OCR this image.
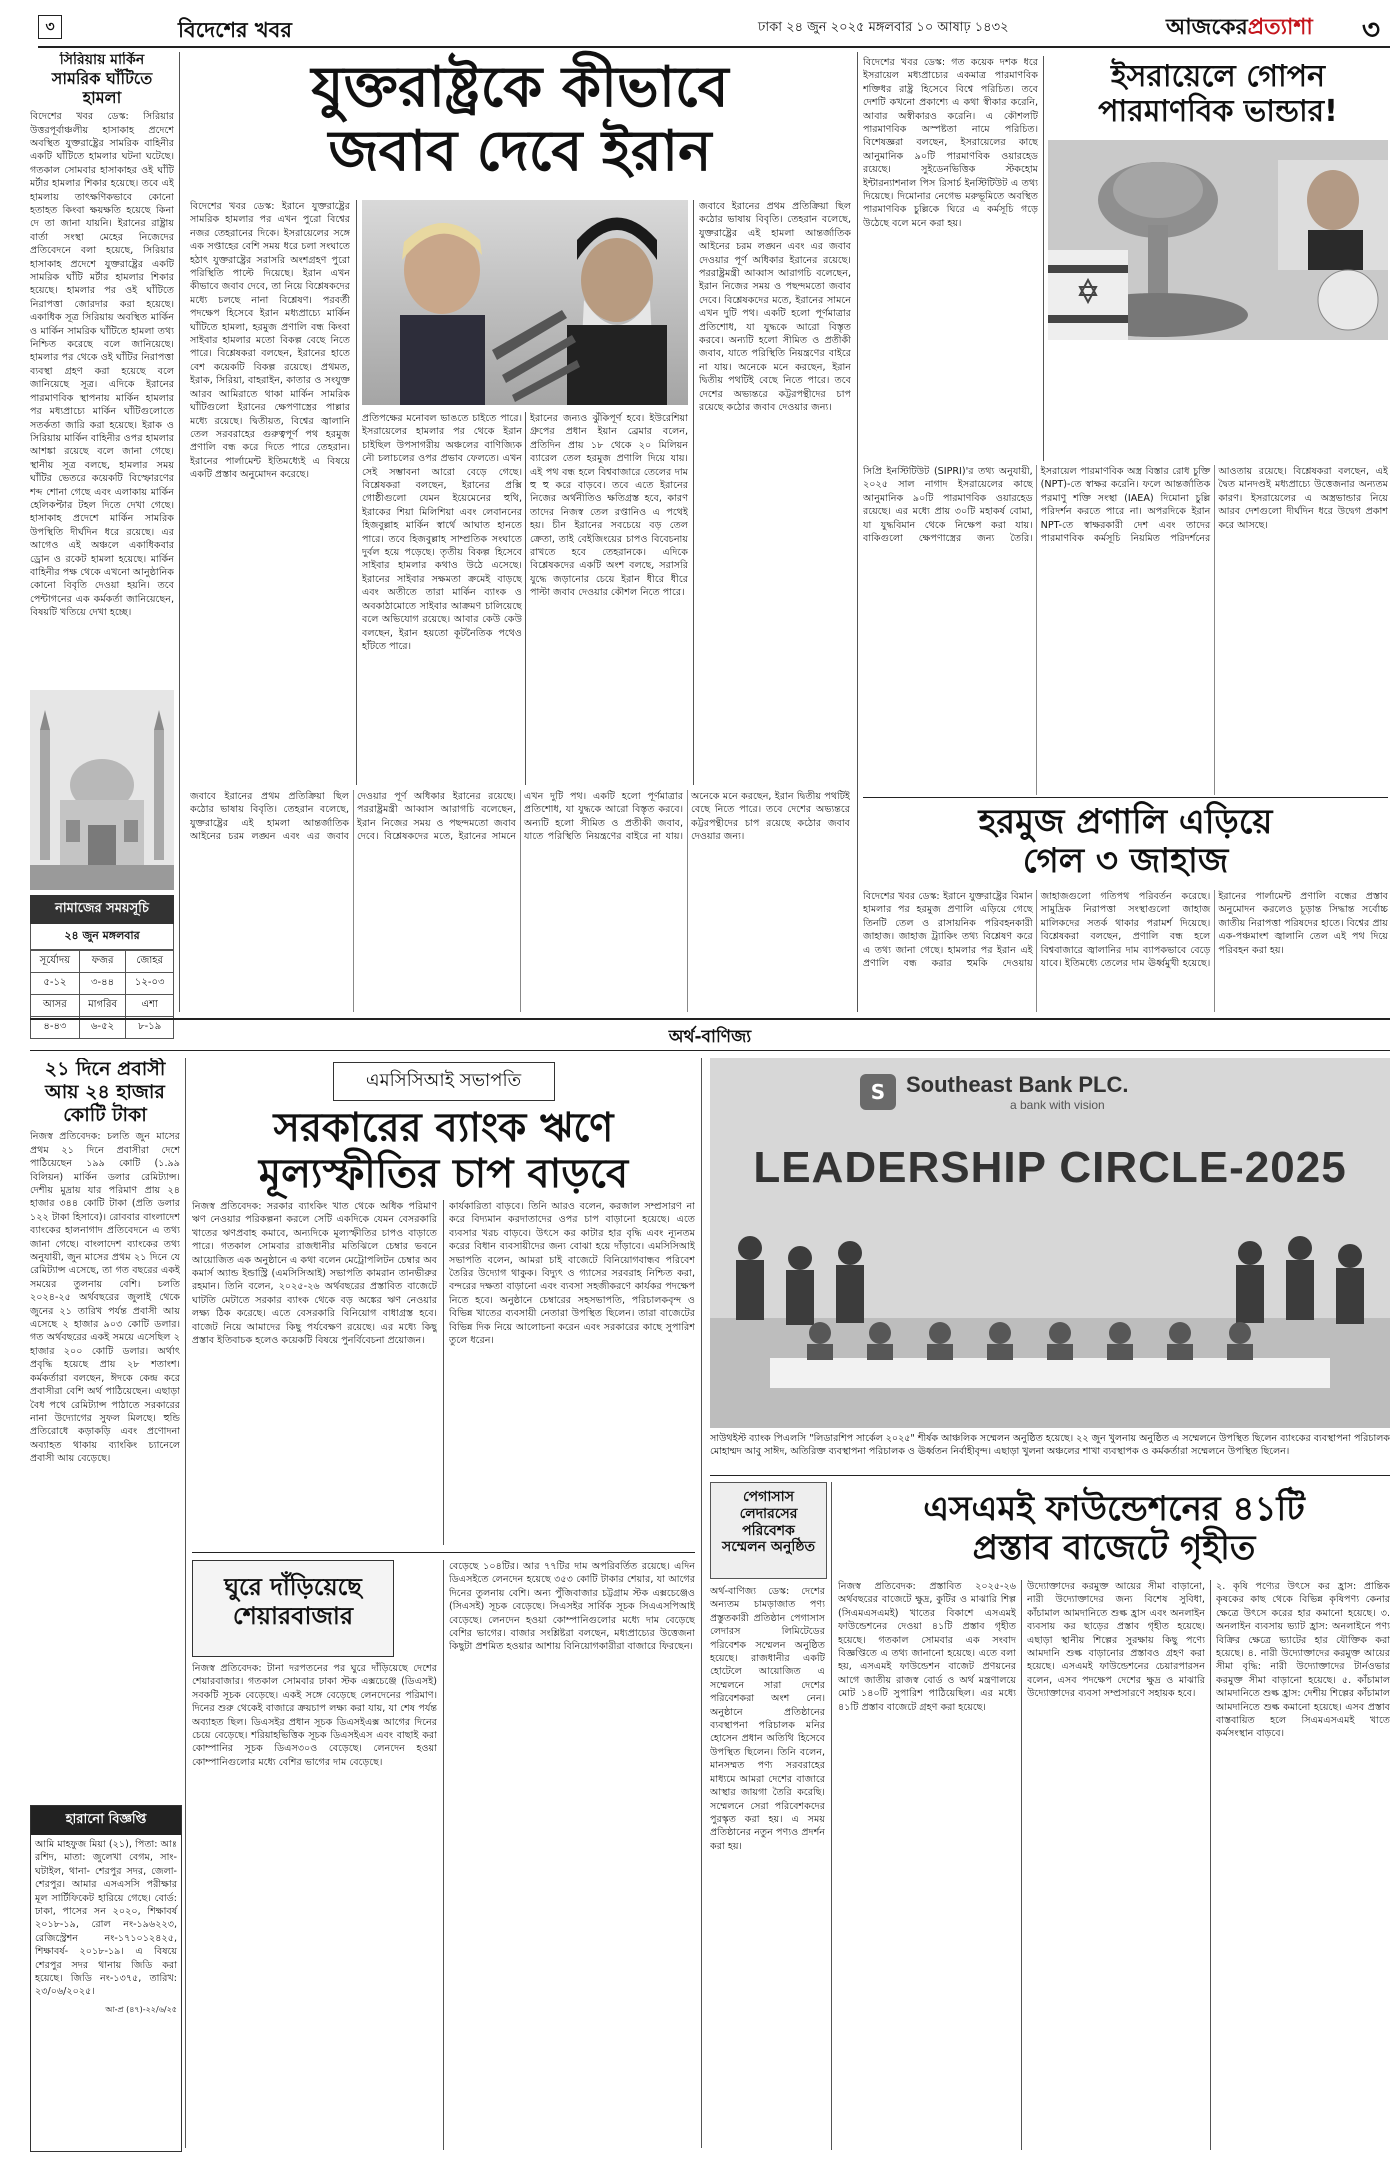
৩	বিদেশের খবর	ঢাকা ২৪ জুন ২০২৫ মঙ্গলবার ১০ আষাঢ় ১৪৩২	আজকেরপ্রত্যাশা ৩
সিরিয়ায় মার্কিন
সামরিক ঘাঁটিতে হামলা
বিদেশের খবর ডেস্ক: সিরিয়ার উত্তরপূর্বাঞ্চলীয় হাসাকাহ প্রদেশে অবস্থিত যুক্তরাষ্ট্রের সামরিক বাহিনীর একটি ঘাঁটিতে হামলার ঘটনা ঘটেছে। গতকাল সোমবার হাসাকাহর ওই ঘাঁটি মর্টার হামলার শিকার হয়েছে। তবে এই হামলায় তাৎক্ষণিকভাবে কোনো হতাহত কিংবা ক্ষয়ক্ষতি হয়েছে কিনা দে তা জানা যায়নি। ইরানের রাষ্ট্রায় বার্তা সংস্থা মেহের নিজেদের প্রতিবেদনে বলা হয়েছে, সিরিয়ার হাসাকাহ প্রদেশে যুক্তরাষ্ট্রের একটি সামরিক ঘাঁটি মর্টার হামলার শিকার হয়েছে। হামলার পর ওই ঘাঁটিতে নিরাপত্তা জোরদার করা হয়েছে। একাধিক সূত্র সিরিয়ায় অবস্থিত মার্কিন ও মার্কিন সামরিক ঘাঁটিতে হামলা তথ্য নিশ্চিত করেছে বলে জানিয়েছে। হামলার পর থেকে ওই ঘাঁটির নিরাপত্তা ব্যবস্থা গ্রহণ করা হয়েছে বলে জানিয়েছে সূত্র। এদিকে ইরানের পারমাণবিক স্থাপনায় মার্কিন হামলার পর মধ্যপ্রাচ্যে মার্কিন ঘাঁটিগুলোতে সতর্কতা জারি করা হয়েছে। ইরাক ও সিরিয়ায় মার্কিন বাহিনীর ওপর হামলার আশঙ্কা রয়েছে বলে জানা গেছে। স্থানীয় সূত্র বলছে, হামলার সময় ঘাঁটির ভেতরে কয়েকটি বিস্ফোরণের শব্দ শোনা গেছে এবং এলাকায় মার্কিন হেলিকপ্টার টহল দিতে দেখা গেছে। হাসাকাহ প্রদেশে মার্কিন সামরিক উপস্থিতি দীর্ঘদিন ধরে রয়েছে। এর আগেও এই অঞ্চলে একাধিকবার ড্রোন ও রকেট হামলা হয়েছে। মার্কিন বাহিনীর পক্ষ থেকে এখনো আনুষ্ঠানিক কোনো বিবৃতি দেওয়া হয়নি। তবে পেন্টাগনের এক কর্মকর্তা জানিয়েছেন, বিষয়টি খতিয়ে দেখা হচ্ছে।
নামাজের সময়সূচি
২৪ জুন মঙ্গলবার
সূর্যোদয়	ফজর	জোহর
৫-১২	৩-৪৪	১২-০৩
আসর	মাগরিব	এশা
৪-৪৩	৬-৫২	৮-১৯
যুক্তরাষ্ট্রকে কীভাবে
জবাব দেবে ইরান
বিদেশের খবর ডেস্ক: ইরানে যুক্তরাষ্ট্রের সামরিক হামলার পর এখন পুরো বিশ্বের নজর তেহরানের দিকে। ইসরায়েলের সঙ্গে এক সপ্তাহের বেশি সময় ধরে চলা সংঘাতে হঠাৎ যুক্তরাষ্ট্রের সরাসরি অংশগ্রহণ পুরো পরিস্থিতি পাল্টে দিয়েছে। ইরান এখন কীভাবে জবাব দেবে, তা নিয়ে বিশ্লেষকদের মধ্যে চলছে নানা বিশ্লেষণ। পরবর্তী পদক্ষেপ হিসেবে ইরান মধ্যপ্রাচ্যে মার্কিন ঘাঁটিতে হামলা, হরমুজ প্রণালি বন্ধ কিংবা সাইবার হামলার মতো বিকল্প বেছে নিতে পারে। বিশ্লেষকরা বলছেন, ইরানের হাতে বেশ কয়েকটি বিকল্প রয়েছে। প্রথমত, ইরাক, সিরিয়া, বাহরাইন, কাতার ও সংযুক্ত আরব আমিরাতে থাকা মার্কিন সামরিক ঘাঁটিগুলো ইরানের ক্ষেপণাস্ত্রের পাল্লার মধ্যে রয়েছে। দ্বিতীয়ত, বিশ্বের জ্বালানি তেল সরবরাহের গুরুত্বপূর্ণ পথ হরমুজ প্রণালি বন্ধ করে দিতে পারে তেহরান। ইরানের পার্লামেন্ট ইতিমধ্যেই এ বিষয়ে একটি প্রস্তাব অনুমোদন করেছে।
প্রতিপক্ষের মনোবল ভাঙতে চাইতে পারে। ইসরায়েলের হামলার পর থেকে ইরান চাইছিল উপসাগরীয় অঞ্চলের বাণিজ্যিক নৌ চলাচলের ওপর প্রভাব ফেলতে। এখন সেই সম্ভাবনা আরো বেড়ে গেছে। বিশ্লেষকরা বলছেন, ইরানের প্রক্সি গোষ্ঠীগুলো যেমন ইয়েমেনের হুথি, ইরাকের শিয়া মিলিশিয়া এবং লেবাননের হিজবুল্লাহ মার্কিন স্বার্থে আঘাত হানতে পারে। তবে হিজবুল্লাহ সাম্প্রতিক সংঘাতে দুর্বল হয়ে পড়েছে। তৃতীয় বিকল্প হিসেবে সাইবার হামলার কথাও উঠে এসেছে। ইরানের সাইবার সক্ষমতা ক্রমেই বাড়ছে এবং অতীতে তারা মার্কিন ব্যাংক ও অবকাঠামোতে সাইবার আক্রমণ চালিয়েছে বলে অভিযোগ রয়েছে। আবার কেউ কেউ বলছেন, ইরান হয়তো কূটনৈতিক পথেও হাঁটতে পারে।
ইরানের জন্যও ঝুঁকিপূর্ণ হবে। ইউরেশিয়া গ্রুপের প্রধান ইয়ান ব্রেমার বলেন, প্রতিদিন প্রায় ১৮ থেকে ২০ মিলিয়ন ব্যারেল তেল হরমুজ প্রণালি দিয়ে যায়। এই পথ বন্ধ হলে বিশ্ববাজারে তেলের দাম হু হু করে বাড়বে। তবে এতে ইরানের নিজের অর্থনীতিও ক্ষতিগ্রস্ত হবে, কারণ তাদের নিজস্ব তেল রপ্তানিও এ পথেই হয়। চীন ইরানের সবচেয়ে বড় তেল ক্রেতা, তাই বেইজিংয়ের চাপও বিবেচনায় রাখতে হবে তেহরানকে। এদিকে বিশ্লেষকদের একটি অংশ বলছে, সরাসরি যুদ্ধে জড়ানোর চেয়ে ইরান ধীরে ধীরে পাল্টা জবাব দেওয়ার কৌশল নিতে পারে।
জবাবে ইরানের প্রথম প্রতিক্রিয়া ছিল কঠোর ভাষায় বিবৃতি। তেহরান বলেছে, যুক্তরাষ্ট্রের এই হামলা আন্তর্জাতিক আইনের চরম লঙ্ঘন এবং এর জবাব দেওয়ার পূর্ণ অধিকার ইরানের রয়েছে। পররাষ্ট্রমন্ত্রী আব্বাস আরাগচি বলেছেন, ইরান নিজের সময় ও পছন্দমতো জবাব দেবে। বিশ্লেষকদের মতে, ইরানের সামনে এখন দুটি পথ। একটি হলো পূর্ণমাত্রার প্রতিশোধ, যা যুদ্ধকে আরো বিস্তৃত করবে। অন্যটি হলো সীমিত ও প্রতীকী জবাব, যাতে পরিস্থিতি নিয়ন্ত্রণের বাইরে না যায়। অনেকে মনে করছেন, ইরান দ্বিতীয় পথটিই বেছে নিতে পারে। তবে দেশের অভ্যন্তরে কট্টরপন্থীদের চাপ রয়েছে কঠোর জবাব দেওয়ার জন্য।
বিদেশের খবর ডেস্ক: গত কয়েক দশক ধরে ইসরায়েল মধ্যপ্রাচ্যের একমাত্র পারমাণবিক শক্তিধর রাষ্ট্র হিসেবে বিশ্বে পরিচিত। তবে দেশটি কখনো প্রকাশ্যে এ কথা স্বীকার করেনি, আবার অস্বীকারও করেনি। এ কৌশলটি পারমাণবিক অস্পষ্টতা নামে পরিচিত। বিশেষজ্ঞরা বলছেন, ইসরায়েলের কাছে আনুমানিক ৯০টি পারমাণবিক ওয়ারহেড রয়েছে। সুইডেনভিত্তিক স্টকহোম ইন্টারন্যাশনাল পিস রিসার্চ ইনস্টিটিউট এ তথ্য দিয়েছে। দিমোনার নেগেভ মরুভূমিতে অবস্থিত পারমাণবিক চুল্লিকে ঘিরে এ কর্মসূচি গড়ে উঠেছে বলে মনে করা হয়।
ইসরায়েলে গোপন
পারমাণবিক ভান্ডার!
সিপ্রি ইনস্টিটিউট (SIPRI)'র তথ্য অনুযায়ী, ২০২৫ সাল নাগাদ ইসরায়েলের কাছে আনুমানিক ৯০টি পারমাণবিক ওয়ারহেড রয়েছে। এর মধ্যে প্রায় ৩০টি মহাকর্ষ বোমা, যা যুদ্ধবিমান থেকে নিক্ষেপ করা যায়। বাকিগুলো ক্ষেপণাস্ত্রের জন্য তৈরি। ইসরায়েল পারমাণবিক অস্ত্র বিস্তার রোধ চুক্তি (NPT)-তে স্বাক্ষর করেনি। ফলে আন্তর্জাতিক পরমাণু শক্তি সংস্থা (IAEA) দিমোনা চুল্লি পরিদর্শন করতে পারে না। অপরদিকে ইরান NPT-তে স্বাক্ষরকারী দেশ এবং তাদের পারমাণবিক কর্মসূচি নিয়মিত পরিদর্শনের আওতায় রয়েছে। বিশ্লেষকরা বলছেন, এই দ্বৈত মানদণ্ডই মধ্যপ্রাচ্যে উত্তেজনার অন্যতম কারণ। ইসরায়েলের এ অস্ত্রভান্ডার নিয়ে আরব দেশগুলো দীর্ঘদিন ধরে উদ্বেগ প্রকাশ করে আসছে।
হরমুজ প্রণালি এড়িয়ে
গেল ৩ জাহাজ
বিদেশের খবর ডেস্ক: ইরানে যুক্তরাষ্ট্রের বিমান হামলার পর হরমুজ প্রণালি এড়িয়ে গেছে তিনটি তেল ও রাসায়নিক পরিবহনকারী জাহাজ। জাহাজ ট্র্যাকিং তথ্য বিশ্লেষণ করে এ তথ্য জানা গেছে। হামলার পর ইরান এই প্রণালি বন্ধ করার হুমকি দেওয়ায় জাহাজগুলো গতিপথ পরিবর্তন করেছে। সামুদ্রিক নিরাপত্তা সংস্থাগুলো জাহাজ মালিকদের সতর্ক থাকার পরামর্শ দিয়েছে। বিশ্লেষকরা বলছেন, প্রণালি বন্ধ হলে বিশ্ববাজারে জ্বালানির দাম ব্যাপকভাবে বেড়ে যাবে। ইতিমধ্যে তেলের দাম ঊর্ধ্বমুখী হয়েছে। ইরানের পার্লামেন্ট প্রণালি বন্ধের প্রস্তাব অনুমোদন করলেও চূড়ান্ত সিদ্ধান্ত সর্বোচ্চ জাতীয় নিরাপত্তা পরিষদের হাতে। বিশ্বের প্রায় এক-পঞ্চমাংশ জ্বালানি তেল এই পথ দিয়ে পরিবহন করা হয়।
জবাবে ইরানের প্রথম প্রতিক্রিয়া ছিল কঠোর ভাষায় বিবৃতি। তেহরান বলেছে, যুক্তরাষ্ট্রের এই হামলা আন্তর্জাতিক আইনের চরম লঙ্ঘন এবং এর জবাব দেওয়ার পূর্ণ অধিকার ইরানের রয়েছে। পররাষ্ট্রমন্ত্রী আব্বাস আরাগচি বলেছেন, ইরান নিজের সময় ও পছন্দমতো জবাব দেবে। বিশ্লেষকদের মতে, ইরানের সামনে এখন দুটি পথ। একটি হলো পূর্ণমাত্রার প্রতিশোধ, যা যুদ্ধকে আরো বিস্তৃত করবে। অন্যটি হলো সীমিত ও প্রতীকী জবাব, যাতে পরিস্থিতি নিয়ন্ত্রণের বাইরে না যায়। অনেকে মনে করছেন, ইরান দ্বিতীয় পথটিই বেছে নিতে পারে। তবে দেশের অভ্যন্তরে কট্টরপন্থীদের চাপ রয়েছে কঠোর জবাব দেওয়ার জন্য।
অর্থ-বাণিজ্য
২১ দিনে প্রবাসী
আয় ২৪ হাজার
কোটি টাকা
নিজস্ব প্রতিবেদক: চলতি জুন মাসের প্রথম ২১ দিনে প্রবাসীরা দেশে পাঠিয়েছেন ১৯৯ কোটি (১.৯৯ বিলিয়ন) মার্কিন ডলার রেমিট্যান্স। দেশীয় মুদ্রায় যার পরিমাণ প্রায় ২৪ হাজার ৩৪৪ কোটি টাকা (প্রতি ডলার ১২২ টাকা হিসাবে)। রোববার বাংলাদেশ ব্যাংকের হালনাগাদ প্রতিবেদনে এ তথ্য জানা গেছে। বাংলাদেশ ব্যাংকের তথ্য অনুযায়ী, জুন মাসের প্রথম ২১ দিনে যে রেমিট্যান্স এসেছে, তা গত বছরের একই সময়ের তুলনায় বেশি। চলতি ২০২৪-২৫ অর্থবছরের জুলাই থেকে জুনের ২১ তারিখ পর্যন্ত প্রবাসী আয় এসেছে ২ হাজার ৯০৩ কোটি ডলার। গত অর্থবছরের একই সময়ে এসেছিল ২ হাজার ২০০ কোটি ডলার। অর্থাৎ প্রবৃদ্ধি হয়েছে প্রায় ২৮ শতাংশ। কর্মকর্তারা বলছেন, ঈদকে কেন্দ্র করে প্রবাসীরা বেশি অর্থ পাঠিয়েছেন। এছাড়া বৈধ পথে রেমিট্যান্স পাঠাতে সরকারের নানা উদ্যোগের সুফল মিলছে। হুন্ডি প্রতিরোধে কড়াকড়ি এবং প্রণোদনা অব্যাহত থাকায় ব্যাংকিং চ্যানেলে প্রবাসী আয় বেড়েছে।
হারানো বিজ্ঞপ্তি
আমি মাহফুজ মিয়া (২১), পিতা: আঃ রশিদ, মাতা: জুলেখা বেগম, সাং- ঘটাইল, থানা- শেরপুর সদর, জেলা- শেরপুর। আমার এসএসসি পরীক্ষার মূল সার্টিফিকেট হারিয়ে গেছে। বোর্ড: ঢাকা, পাসের সন ২০২০, শিক্ষাবর্ষ ২০১৮-১৯, রোল নং-১৯৬২২৩, রেজিস্ট্রেশন নং-১৭১০১২৪২৫, শিক্ষাবর্ষ- ২০১৮-১৯। এ বিষয়ে শেরপুর সদর থানায় জিডি করা হয়েছে। জিডি নং-১৩৭৫, তারিখ: ২৩/০৬/২০২৫।
আ-প্র (৪৭)-২২/৬/২৫
এমসিসিআই সভাপতি
সরকারের ব্যাংক ঋণে
মূল্যস্ফীতির চাপ বাড়বে
নিজস্ব প্রতিবেদক: সরকার ব্যাংকিং খাত থেকে অধিক পরিমাণ ঋণ নেওয়ার পরিকল্পনা করলে সেটি একদিকে যেমন বেসরকারি খাতের ঋণপ্রবাহ কমাবে, অন্যদিকে মূল্যস্ফীতির চাপও বাড়াতে পারে। গতকাল সোমবার রাজধানীর মতিঝিলে চেম্বার ভবনে আয়োজিত এক অনুষ্ঠানে এ কথা বলেন মেট্রোপলিটন চেম্বার অব কমার্স অ্যান্ড ইন্ডাস্ট্রি (এমসিসিআই) সভাপতি কামরান তানভীরুর রহমান। তিনি বলেন, ২০২৫-২৬ অর্থবছরের প্রস্তাবিত বাজেটে ঘাটতি মেটাতে সরকার ব্যাংক থেকে বড় অঙ্কের ঋণ নেওয়ার লক্ষ্য ঠিক করেছে। এতে বেসরকারি বিনিয়োগ বাধাগ্রস্ত হবে। বাজেট নিয়ে আমাদের কিছু পর্যবেক্ষণ রয়েছে। এর মধ্যে কিছু প্রস্তাব ইতিবাচক হলেও কয়েকটি বিষয়ে পুনর্বিবেচনা প্রয়োজন।
কার্যকারিতা বাড়বে। তিনি আরও বলেন, করজাল সম্প্রসারণ না করে বিদ্যমান করদাতাদের ওপর চাপ বাড়ানো হয়েছে। এতে ব্যবসার খরচ বাড়বে। উৎসে কর কাটার হার বৃদ্ধি এবং ন্যূনতম করের বিধান ব্যবসায়ীদের জন্য বোঝা হয়ে দাঁড়াবে। এমসিসিআই সভাপতি বলেন, আমরা চাই বাজেটে বিনিয়োগবান্ধব পরিবেশ তৈরির উদ্যোগ থাকুক। বিদ্যুৎ ও গ্যাসের সরবরাহ নিশ্চিত করা, বন্দরের দক্ষতা বাড়ানো এবং ব্যবসা সহজীকরণে কার্যকর পদক্ষেপ নিতে হবে। অনুষ্ঠানে চেম্বারের সহসভাপতি, পরিচালকবৃন্দ ও বিভিন্ন খাতের ব্যবসায়ী নেতারা উপস্থিত ছিলেন। তারা বাজেটের বিভিন্ন দিক নিয়ে আলোচনা করেন এবং সরকারের কাছে সুপারিশ তুলে ধরেন।
ঘুরে দাঁড়িয়েছে
শেয়ারবাজার
নিজস্ব প্রতিবেদক: টানা দরপতনের পর ঘুরে দাঁড়িয়েছে দেশের শেয়ারবাজার। গতকাল সোমবার ঢাকা স্টক এক্সচেঞ্জে (ডিএসই) সবকটি সূচক বেড়েছে। একই সঙ্গে বেড়েছে লেনদেনের পরিমাণ। দিনের শুরু থেকেই বাজারে ক্রয়চাপ লক্ষ্য করা যায়, যা শেষ পর্যন্ত অব্যাহত ছিল। ডিএসইর প্রধান সূচক ডিএসইএক্স আগের দিনের চেয়ে বেড়েছে। শরিয়াহভিত্তিক সূচক ডিএসইএস এবং বাছাই করা কোম্পানির সূচক ডিএস৩০ও বেড়েছে। লেনদেন হওয়া কোম্পানিগুলোর মধ্যে বেশির ভাগের দাম বেড়েছে।
বেড়েছে ১০৪টির। আর ৭৭টির দাম অপরিবর্তিত রয়েছে। এদিন ডিএসইতে লেনদেন হয়েছে ৩৫৩ কোটি টাকার শেয়ার, যা আগের দিনের তুলনায় বেশি। অন্য পুঁজিবাজার চট্টগ্রাম স্টক এক্সচেঞ্জেও (সিএসই) সূচক বেড়েছে। সিএসইর সার্বিক সূচক সিএএসপিআই বেড়েছে। লেনদেন হওয়া কোম্পানিগুলোর মধ্যে দাম বেড়েছে বেশির ভাগের। বাজার সংশ্লিষ্টরা বলছেন, মধ্যপ্রাচ্যের উত্তেজনা কিছুটা প্রশমিত হওয়ার আশায় বিনিয়োগকারীরা বাজারে ফিরছেন।
S Southeast Bank PLC.
a bank with vision
LEADERSHIP CIRCLE-2025
সাউথইস্ট ব্যাংক পিএলসি "লিডারশিপ সার্কেল ২০২৫" শীর্ষক আঞ্চলিক সম্মেলন অনুষ্ঠিত হয়েছে। ২২ জুন খুলনায় অনুষ্ঠিত এ সম্মেলনে উপস্থিত ছিলেন ব্যাংকের ব্যবস্থাপনা পরিচালক মোহাম্মদ আবু সাঈদ, অতিরিক্ত ব্যবস্থাপনা পরিচালক ও ঊর্ধ্বতন নির্বাহীবৃন্দ। এছাড়া খুলনা অঞ্চলের শাখা ব্যবস্থাপক ও কর্মকর্তারা সম্মেলনে উপস্থিত ছিলেন।
পেগাসাস
লেদারসের
পরিবেশক
সম্মেলন অনুষ্ঠিত
অর্থ-বাণিজ্য ডেস্ক: দেশের অন্যতম চামড়াজাত পণ্য প্রস্তুতকারী প্রতিষ্ঠান পেগাসাস লেদারস লিমিটেডের পরিবেশক সম্মেলন অনুষ্ঠিত হয়েছে। রাজধানীর একটি হোটেলে আয়োজিত এ সম্মেলনে সারা দেশের পরিবেশকরা অংশ নেন। অনুষ্ঠানে প্রতিষ্ঠানের ব্যবস্থাপনা পরিচালক মনির হোসেন প্রধান অতিথি হিসেবে উপস্থিত ছিলেন। তিনি বলেন, মানসম্মত পণ্য সরবরাহের মাধ্যমে আমরা দেশের বাজারে আস্থার জায়গা তৈরি করেছি। সম্মেলনে সেরা পরিবেশকদের পুরস্কৃত করা হয়। এ সময় প্রতিষ্ঠানের নতুন পণ্যও প্রদর্শন করা হয়।
এসএমই ফাউন্ডেশনের ৪১টি
প্রস্তাব বাজেটে গৃহীত
নিজস্ব প্রতিবেদক: প্রস্তাবিত ২০২৫-২৬ অর্থবছরের বাজেটে ক্ষুদ্র, কুটির ও মাঝারি শিল্প (সিএমএসএমই) খাতের বিকাশে এসএমই ফাউন্ডেশনের দেওয়া ৪১টি প্রস্তাব গৃহীত হয়েছে। গতকাল সোমবার এক সংবাদ বিজ্ঞপ্তিতে এ তথ্য জানানো হয়েছে। এতে বলা হয়, এসএমই ফাউন্ডেশন বাজেট প্রণয়নের আগে জাতীয় রাজস্ব বোর্ড ও অর্থ মন্ত্রণালয়ে মোট ১৪০টি সুপারিশ পাঠিয়েছিল। এর মধ্যে ৪১টি প্রস্তাব বাজেটে গ্রহণ করা হয়েছে।
উদ্যোক্তাদের করমুক্ত আয়ের সীমা বাড়ানো, নারী উদ্যোক্তাদের জন্য বিশেষ সুবিধা, কাঁচামাল আমদানিতে শুল্ক হ্রাস এবং অনলাইন ব্যবসায় কর ছাড়ের প্রস্তাব গৃহীত হয়েছে। এছাড়া স্থানীয় শিল্পের সুরক্ষায় কিছু পণ্যে আমদানি শুল্ক বাড়ানোর প্রস্তাবও গ্রহণ করা হয়েছে। এসএমই ফাউন্ডেশনের চেয়ারপারসন বলেন, এসব পদক্ষেপ দেশের ক্ষুদ্র ও মাঝারি উদ্যোক্তাদের ব্যবসা সম্প্রসারণে সহায়ক হবে।
২. কৃষি পণ্যের উৎসে কর হ্রাস: প্রান্তিক কৃষকের কাছ থেকে বিভিন্ন কৃষিপণ্য কেনার ক্ষেত্রে উৎসে করের হার কমানো হয়েছে। ৩. অনলাইন ব্যবসায় ভ্যাট হ্রাস: অনলাইনে পণ্য বিক্রির ক্ষেত্রে ভ্যাটের হার যৌক্তিক করা হয়েছে। ৪. নারী উদ্যোক্তাদের করমুক্ত আয়ের সীমা বৃদ্ধি: নারী উদ্যোক্তাদের টার্নওভার করমুক্ত সীমা বাড়ানো হয়েছে। ৫. কাঁচামাল আমদানিতে শুল্ক হ্রাস: দেশীয় শিল্পের কাঁচামাল আমদানিতে শুল্ক কমানো হয়েছে। এসব প্রস্তাব বাস্তবায়িত হলে সিএমএসএমই খাতে কর্মসংস্থান বাড়বে।
